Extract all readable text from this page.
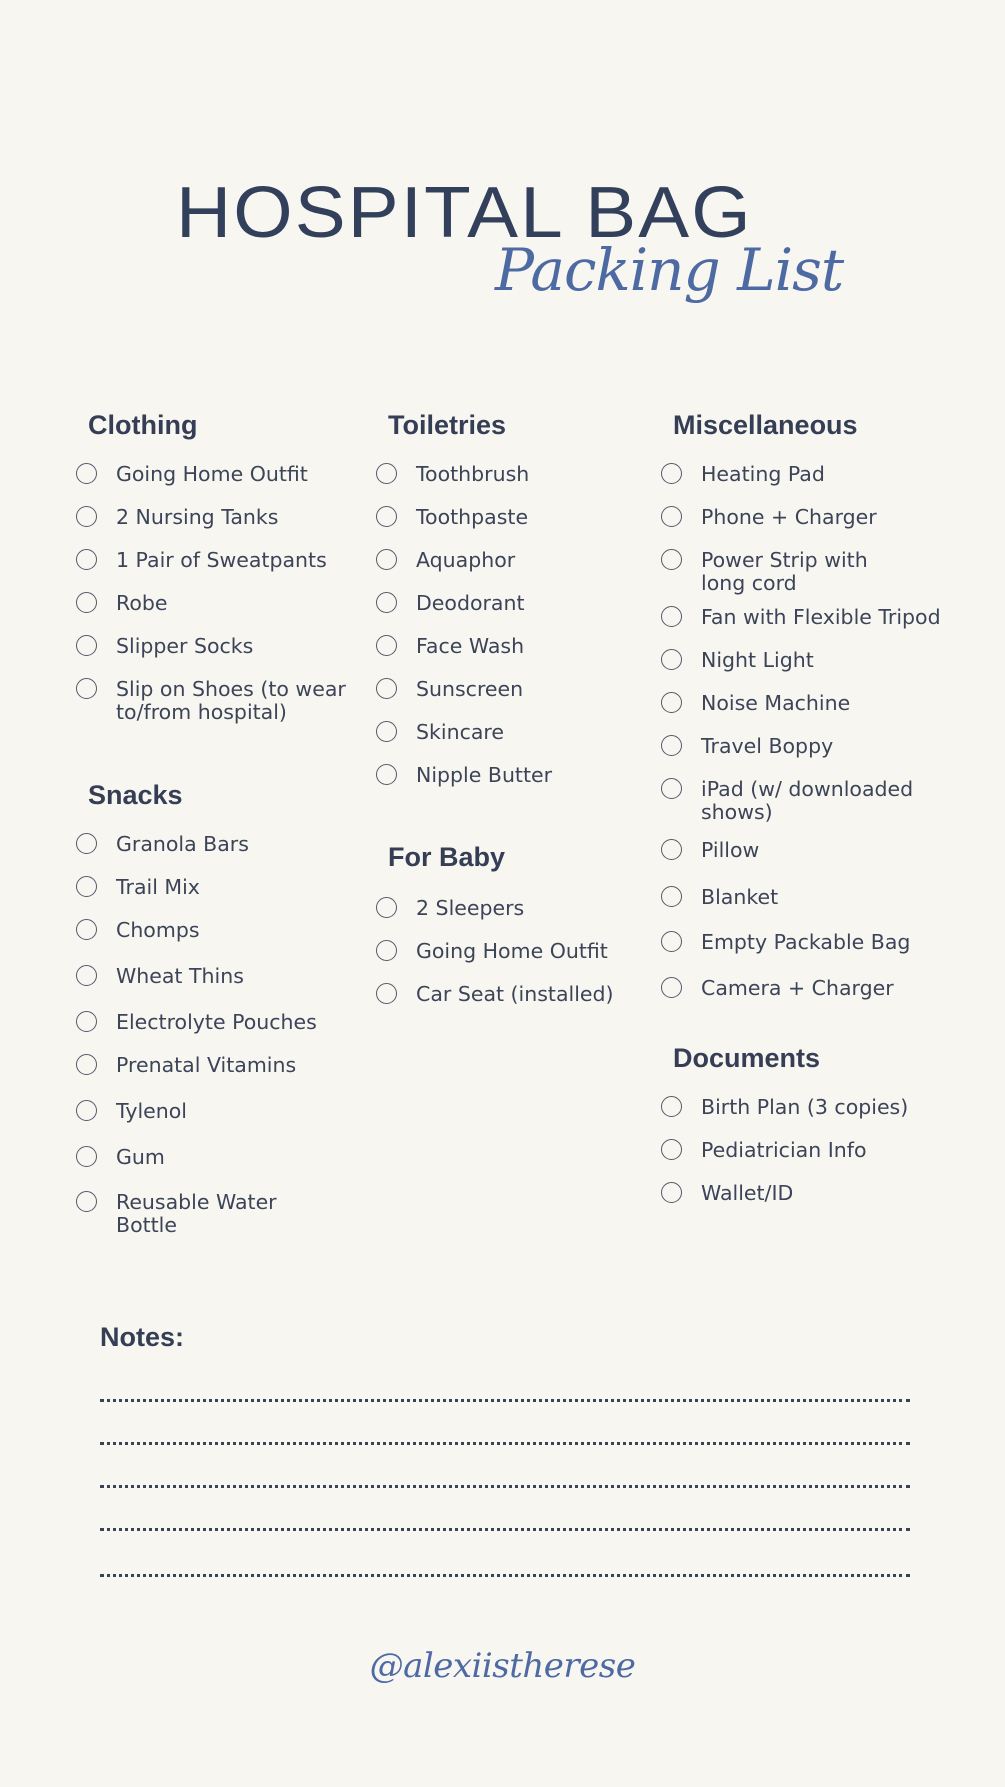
HOSPITAL BAG
Packing List
Clothing
Going Home Outfit
2 Nursing Tanks
1 Pair of Sweatpants
Robe
Slipper Socks
Slip on Shoes (to wear
to/from hospital)
Snacks
Granola Bars
Trail Mix
Chomps
Wheat Thins
Electrolyte Pouches
Prenatal Vitamins
Tylenol
Gum
Reusable Water
Bottle
Toiletries
Toothbrush
Toothpaste
Aquaphor
Deodorant
Face Wash
Sunscreen
Skincare
Nipple Butter
For Baby
2 Sleepers
Going Home Outfit
Car Seat (installed)
Miscellaneous
Heating Pad
Phone + Charger
Power Strip with
long cord
Fan with Flexible Tripod
Night Light
Noise Machine
Travel Boppy
iPad (w/ downloaded
shows)
Pillow
Blanket
Empty Packable Bag
Camera + Charger
Documents
Birth Plan (3 copies)
Pediatrician Info
Wallet/ID
Notes:
@alexiistherese
